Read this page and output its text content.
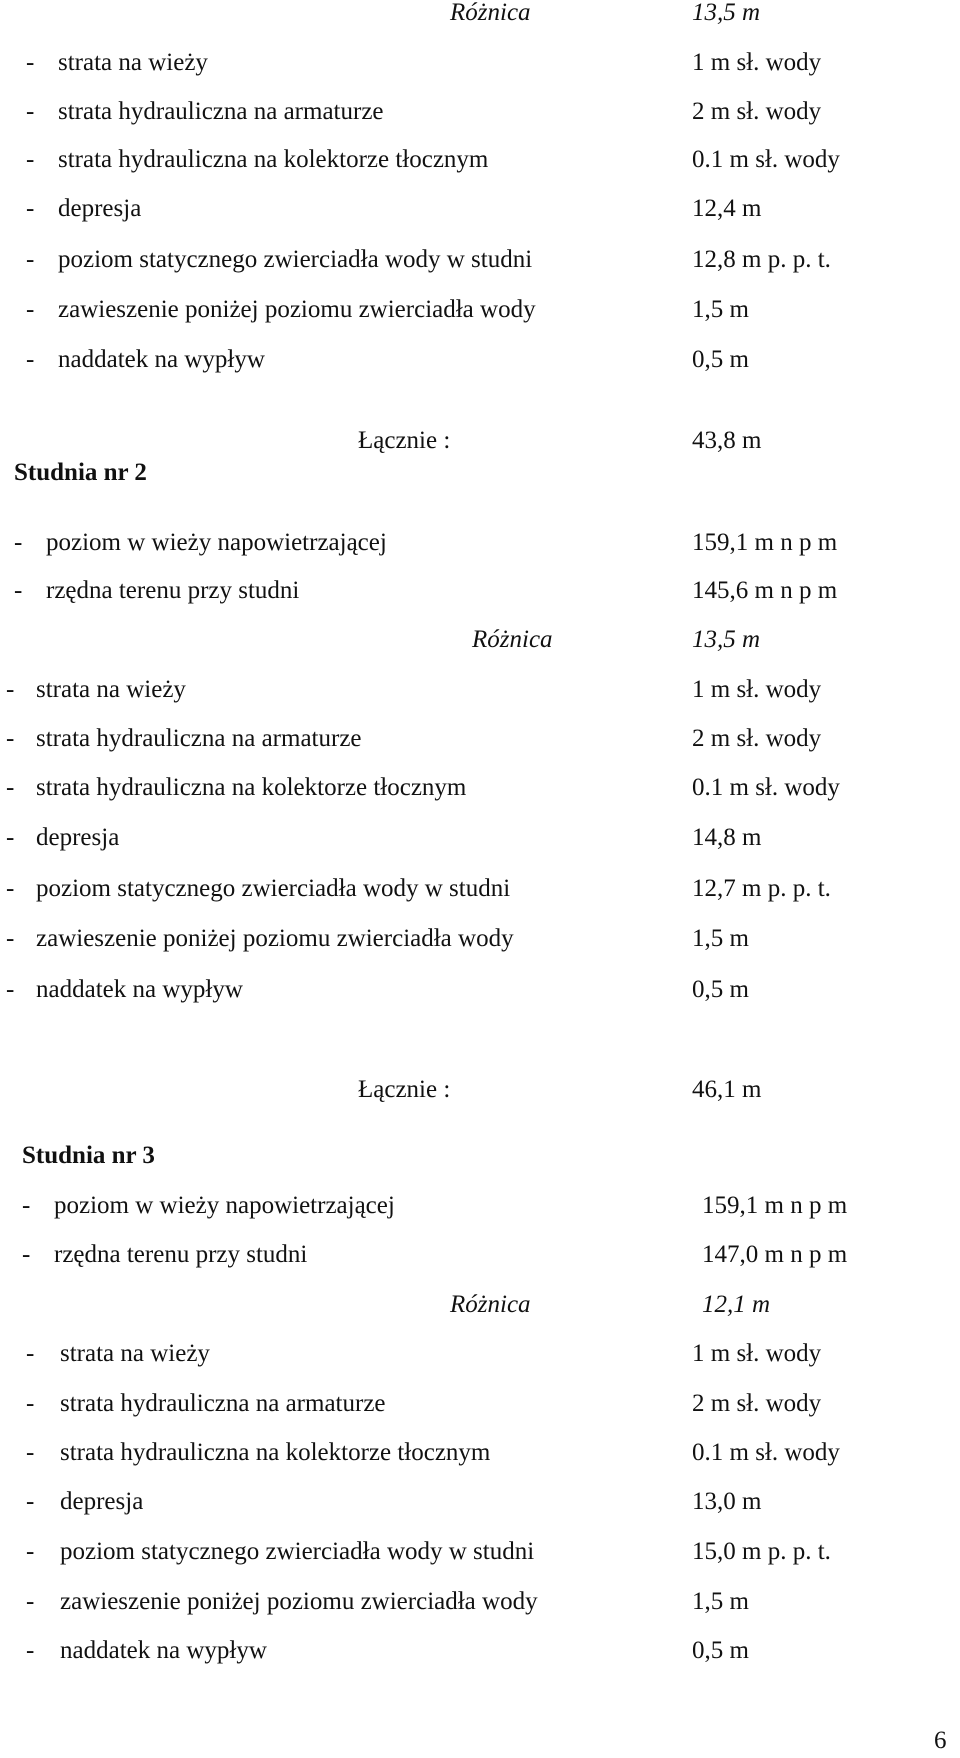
Różnica	13,5 m
- strata na wieży	1 m sł. wody
- strata hydrauliczna na armaturze	2 m sł. wody
- strata hydrauliczna na kolektorze tłocznym	0.1 m sł. wody
- depresja	12,4 m
- poziom statycznego zwierciadła wody w studni	12,8 m p. p. t.
- zawieszenie poniżej poziomu zwierciadła wody	1,5 m
- naddatek na wypływ	0,5 m
Łącznie :	43,8 m
Studnia nr 2
- poziom w wieży napowietrzającej	159,1 m n p m
- rzędna terenu przy studni	145,6 m n p m
Różnica	13,5 m
- strata na wieży	1 m sł. wody
- strata hydrauliczna na armaturze	2 m sł. wody
- strata hydrauliczna na kolektorze tłocznym	0.1 m sł. wody
- depresja	14,8 m
- poziom statycznego zwierciadła wody w studni	12,7 m p. p. t.
- zawieszenie poniżej poziomu zwierciadła wody	1,5 m
- naddatek na wypływ	0,5 m
Łącznie :	46,1 m
Studnia nr 3
- poziom w wieży napowietrzającej	159,1 m n p m
- rzędna terenu przy studni	147,0 m n p m
Różnica	12,1 m
- strata na wieży	1 m sł. wody
- strata hydrauliczna na armaturze	2 m sł. wody
- strata hydrauliczna na kolektorze tłocznym	0.1 m sł. wody
- depresja	13,0 m
- poziom statycznego zwierciadła wody w studni	15,0 m p. p. t.
- zawieszenie poniżej poziomu zwierciadła wody	1,5 m
- naddatek na wypływ	0,5 m
6
